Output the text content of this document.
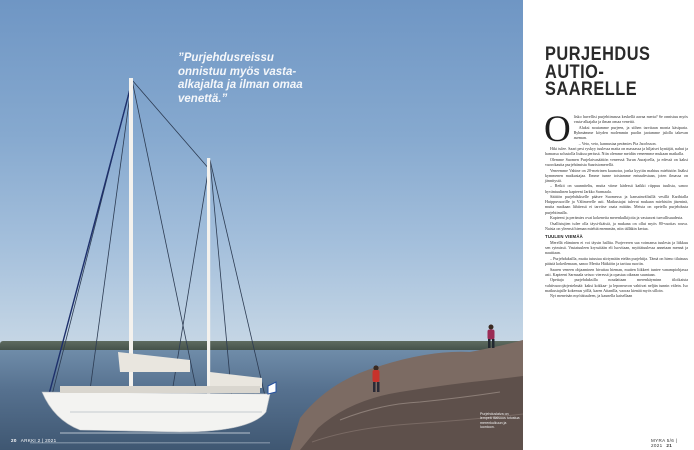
”Purjehdusreissu onnistuu myös vasta-alkajalta ja ilman omaa venettä.”
Purjehduslaiva on lempeä tilaisuus tutustua merenkulkuun ja luontoon.
20 ARKKI 2 | 2021
PURJEHDUS AUTIO-SAARELLE
O lisko huvellisi purjehtimassa keskellä aavaa merta? Se onnistuu myös vasta-alkajalta ja ilman omaa venettä.

Aluksi noutamme purjeen, ja siihen tarvitaan monta käsiparia. Ryhmämme köyden molemmin puolin jaotamme jalolla takevan aseman.

– Veto, veto, kannustaa perämies Pia Jacobsson.

Hiki tulee. Saari pesi ryskyy tuulessa matta on massassa ja hiljaiset kyntäjät, nahut ja hamassa solustolla liukuu perässä. Niin olemme meidän veneemme mukaan matkalla.

Olemme Suomen Purjelaivasäätiön veneessä Turun Aurajoella, ja edessä on kaksi vuorokautta purjehtimista Saaristomerellä.

Veneemme Vahine on 20-metrinen kaunotar, jonka kyytiin mahtuu miehistön lisäksi kymmenen matkustajaa. Emme tunne toisiamme entuudestaan, joten ilmassa on jännitystä.

– Retkit on suunniteltu, mutta viime kädessä kaikki riippuu tuulista, sanoo hyväntuulinen kapteeni Jarkko Sarmaala.

Säätiön purjehdukselle pääsee Suomessa ja kansainvälisillä vesillä Karibialla Huippuvuorille ja Välimerelle asti. Matkustajat tulevat mukaan miehistön jäseninä, mutta matkaan lähtiessä ei tarvitse osata mitään. Meista on opetella purjehdusta purjehtimalla.

Kapteeni ja perämies ovat kokeneita merenkulkijoita ja vastaavat turvallisuudesta.

Osallistujien tulee olla täysi-ikäisiä, ja mukana on ollut myös 80-vuotias rouva. Naisia on yleensä hieman miehiä enemmän, niin tälläkin kertaa.

TUULEN VIEMÄÄ

Merellä eläminen ei voi täysin hallita. Purjeveren saa voimansa tuulesta ja liikkuu sen rytmissä. Vastatuuleen kryssitään eli luovitaan, myötätuulessa annetaan mennä ja nauttiaan.

– Purjehduksilla, mutta tutustua siirtymään etelän purjehtija. Tämä on hieno tilaisuus päästä kokeilemaan, sanoo Merita Häikiöin ja tarttuu ruoriin.

Saaren veneen ohjaaminen hivuttaa hieman, mutten liikkeet tuntee vanampiohjassa asti. Kapteeni Sarmaala seisoo vieressä ja opastaa oikeaan suuntaan.

Opettaja purjehduksilla noudattaan merenkäyminn tiloikaista vahtivuorojärjestelmää: kaksi kokkaa- ja leponeuvon vahtivat neljän tunnin välein. Iso matkustajalle kokemus yöllä, karen Aitanilla, vaoraa kienää myös silloin.

Nyt meneisän myötätuuleen, ja kaunella kaisellaan

MYRA 5/6 | 2021 21
